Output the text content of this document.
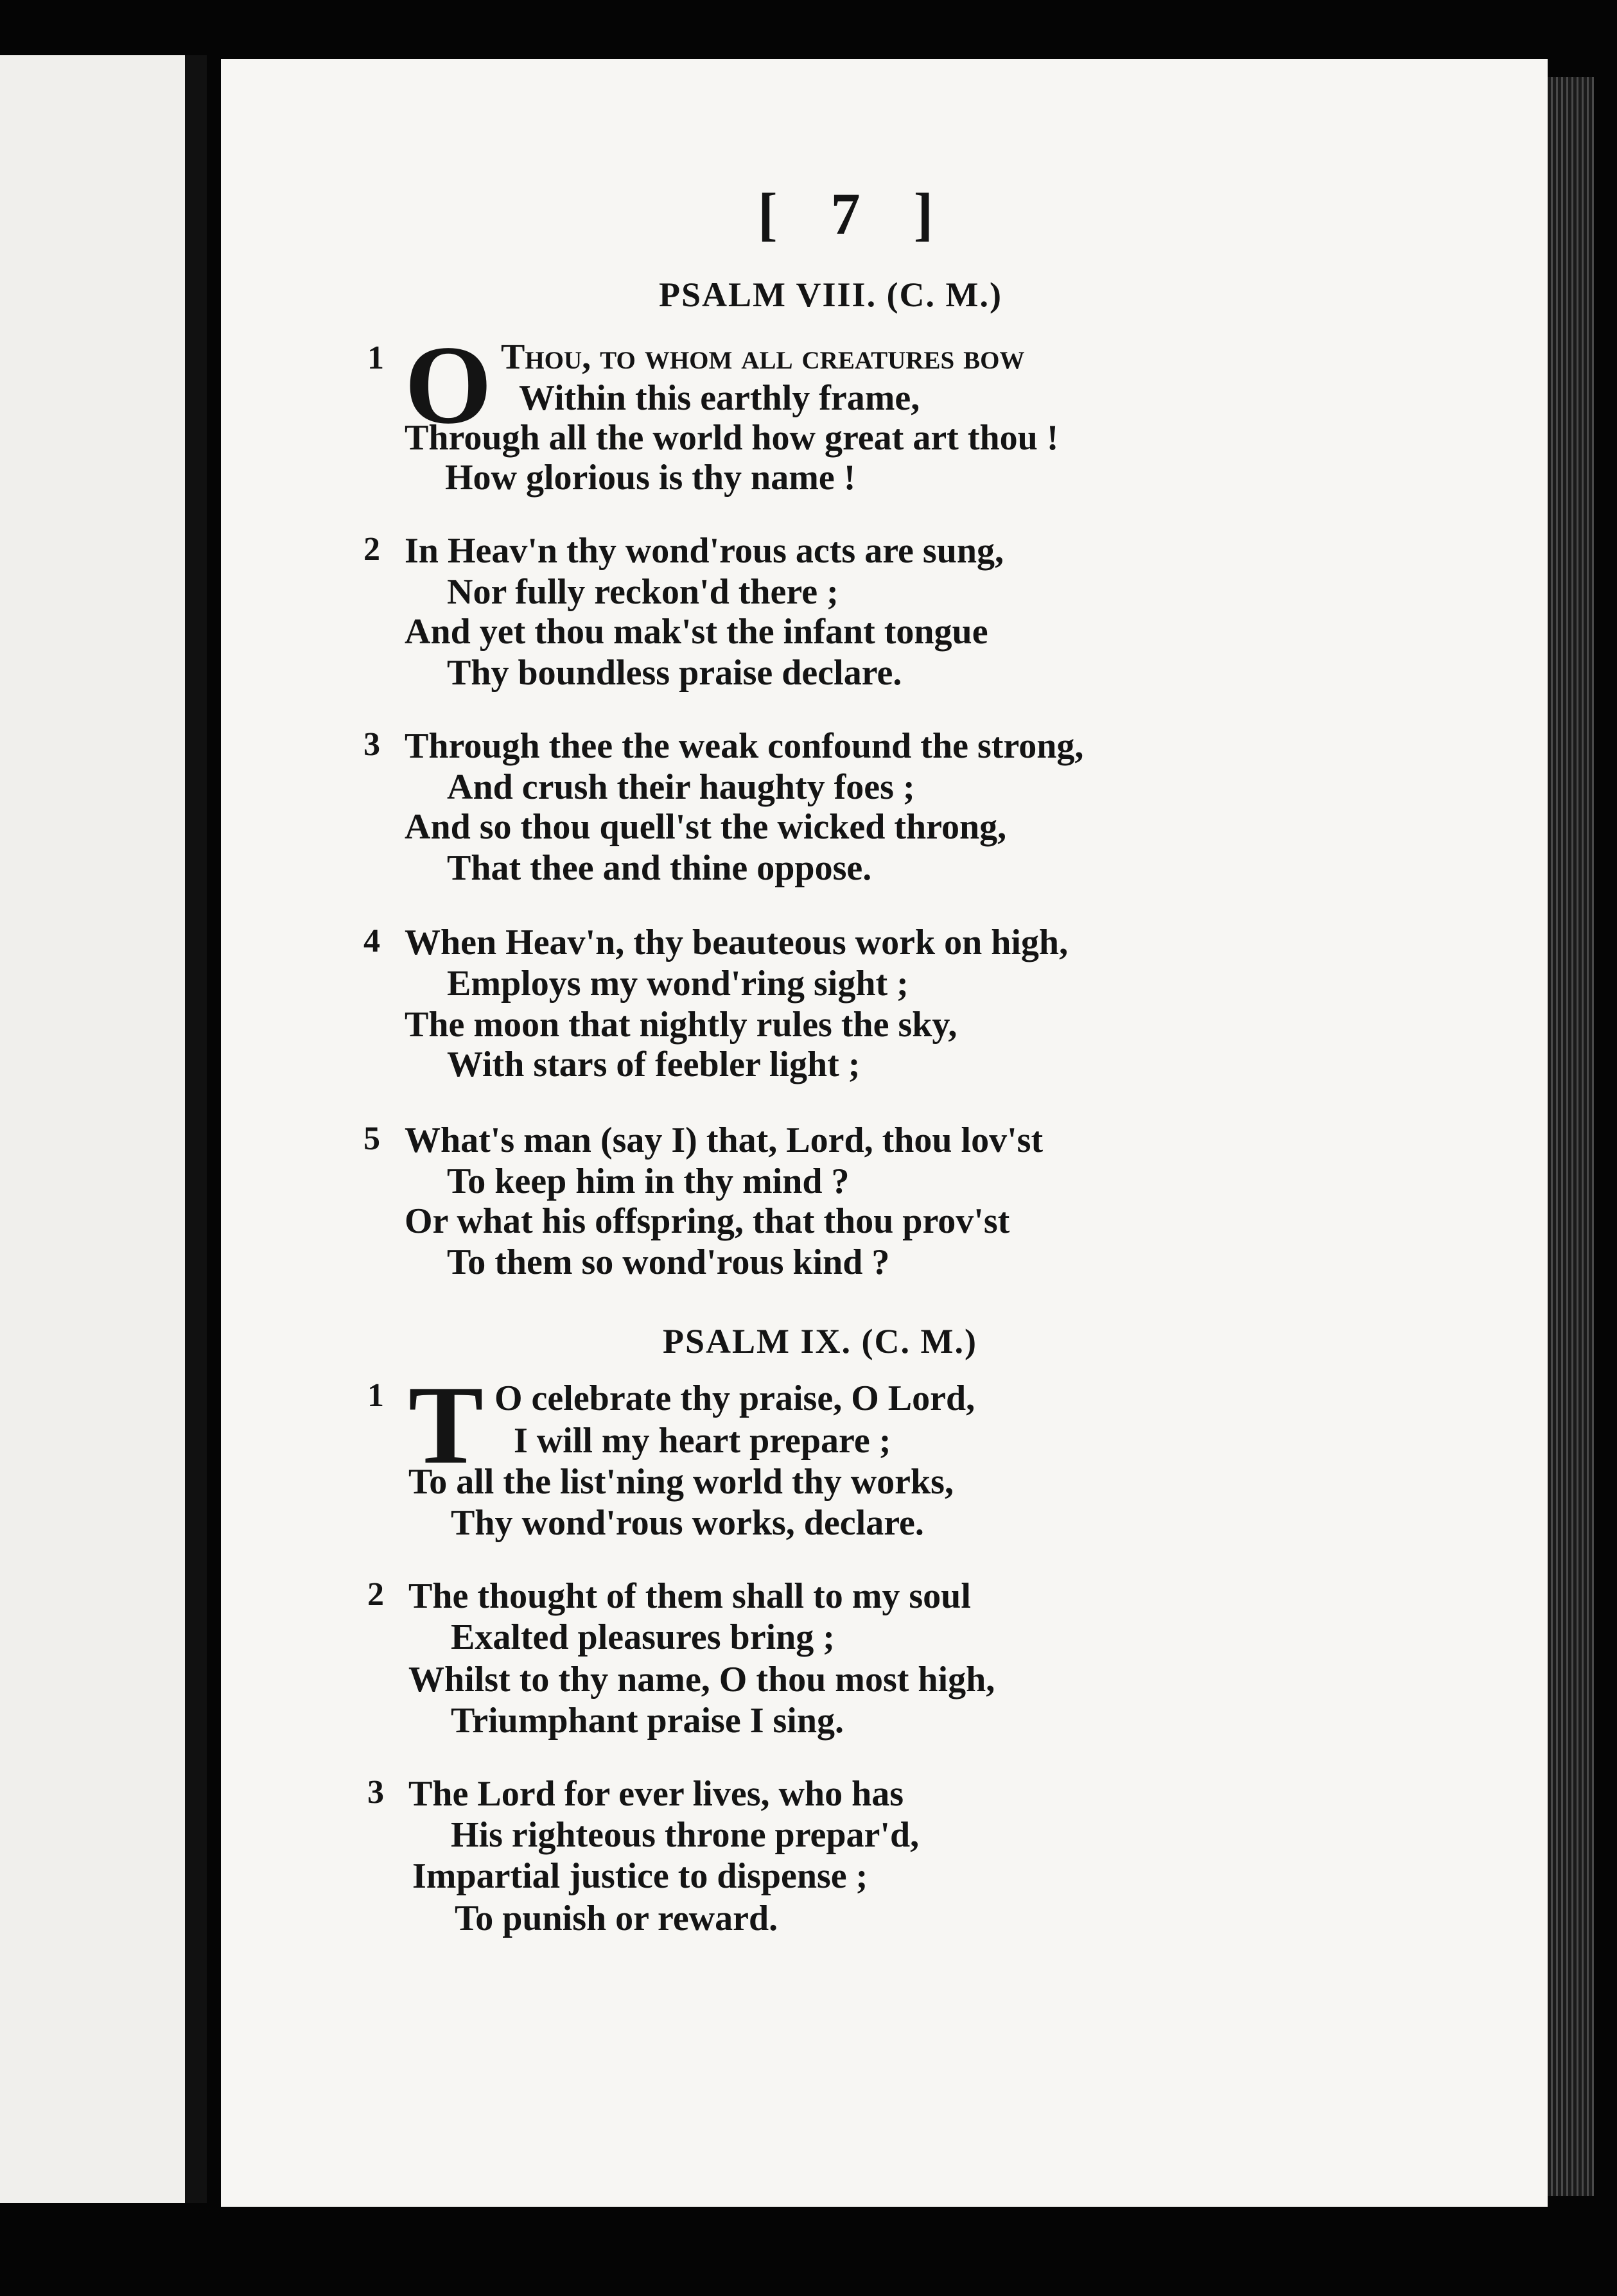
[ 7 ]
PSALM VIII. (C. M.)
1 O Thou, to whom all creatures bow
Within this earthly frame,
Through all the world how great art thou !
How glorious is thy name !
2 In Heav'n thy wond'rous acts are sung,
Nor fully reckon'd there ;
And yet thou mak'st the infant tongue
Thy boundless praise declare.
3 Through thee the weak confound the strong,
And crush their haughty foes ;
And so thou quell'st the wicked throng,
That thee and thine oppose.
4 When Heav'n, thy beauteous work on high,
Employs my wond'ring sight ;
The moon that nightly rules the sky,
With stars of feebler light ;
5 What's man (say I) that, Lord, thou lov'st
To keep him in thy mind ?
Or what his offspring, that thou prov'st
To them so wond'rous kind ?
PSALM IX. (C. M.)
1 T O celebrate thy praise, O Lord,
I will my heart prepare ;
To all the list'ning world thy works,
Thy wond'rous works, declare.
2 The thought of them shall to my soul
Exalted pleasures bring ;
Whilst to thy name, O thou most high,
Triumphant praise I sing.
3 The Lord for ever lives, who has
His righteous throne prepar'd,
Impartial justice to dispense ;
To punish or reward.
